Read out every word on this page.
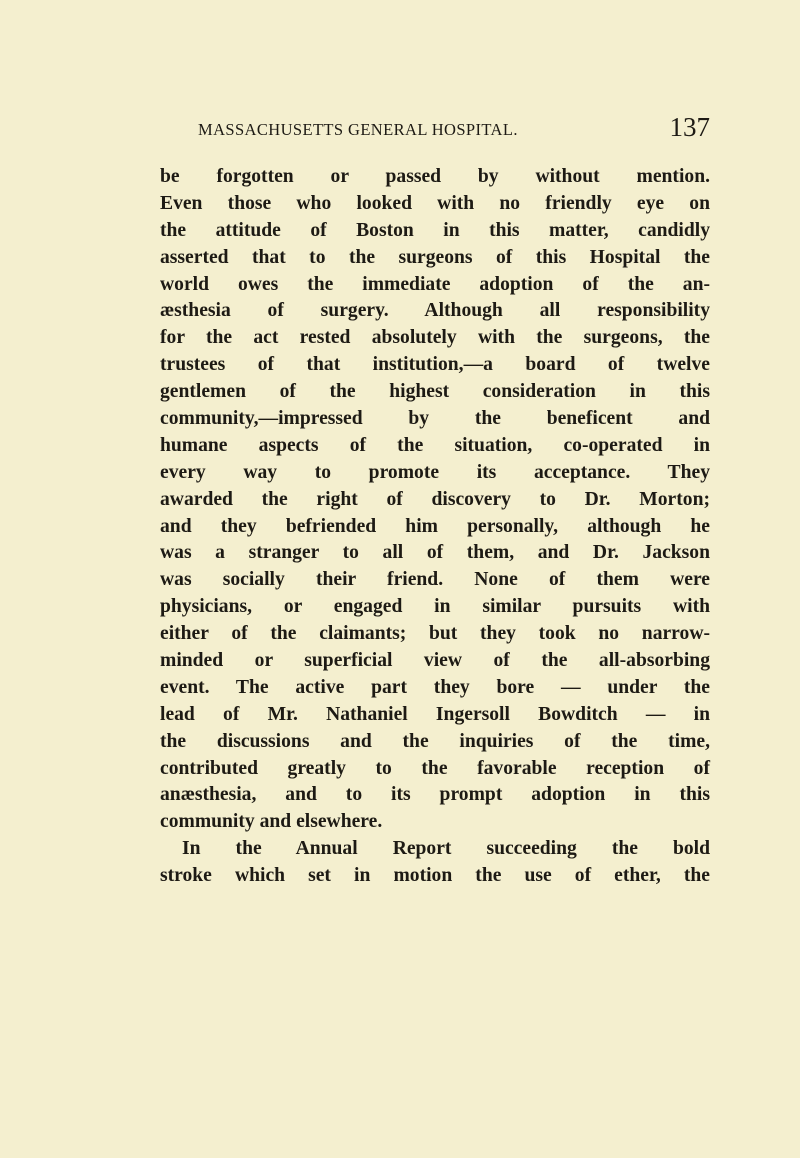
MASSACHUSETTS GENERAL HOSPITAL.	137
be forgotten or passed by without mention.
Even those who looked with no friendly eye on
the attitude of Boston in this matter, candidly
asserted that to the surgeons of this Hospital the
world owes the immediate adoption of the an-
æsthesia of surgery. Although all responsibility
for the act rested absolutely with the surgeons, the
trustees of that institution,—a board of twelve
gentlemen of the highest consideration in this
community,—impressed by the beneficent and
humane aspects of the situation, co-operated in
every way to promote its acceptance. They
awarded the right of discovery to Dr. Morton;
and they befriended him personally, although he
was a stranger to all of them, and Dr. Jackson
was socially their friend. None of them were
physicians, or engaged in similar pursuits with
either of the claimants; but they took no narrow-
minded or superficial view of the all-absorbing
event. The active part they bore — under the
lead of Mr. Nathaniel Ingersoll Bowditch — in
the discussions and the inquiries of the time,
contributed greatly to the favorable reception of
anæsthesia, and to its prompt adoption in this
community and elsewhere.
In the Annual Report succeeding the bold
stroke which set in motion the use of ether, the
